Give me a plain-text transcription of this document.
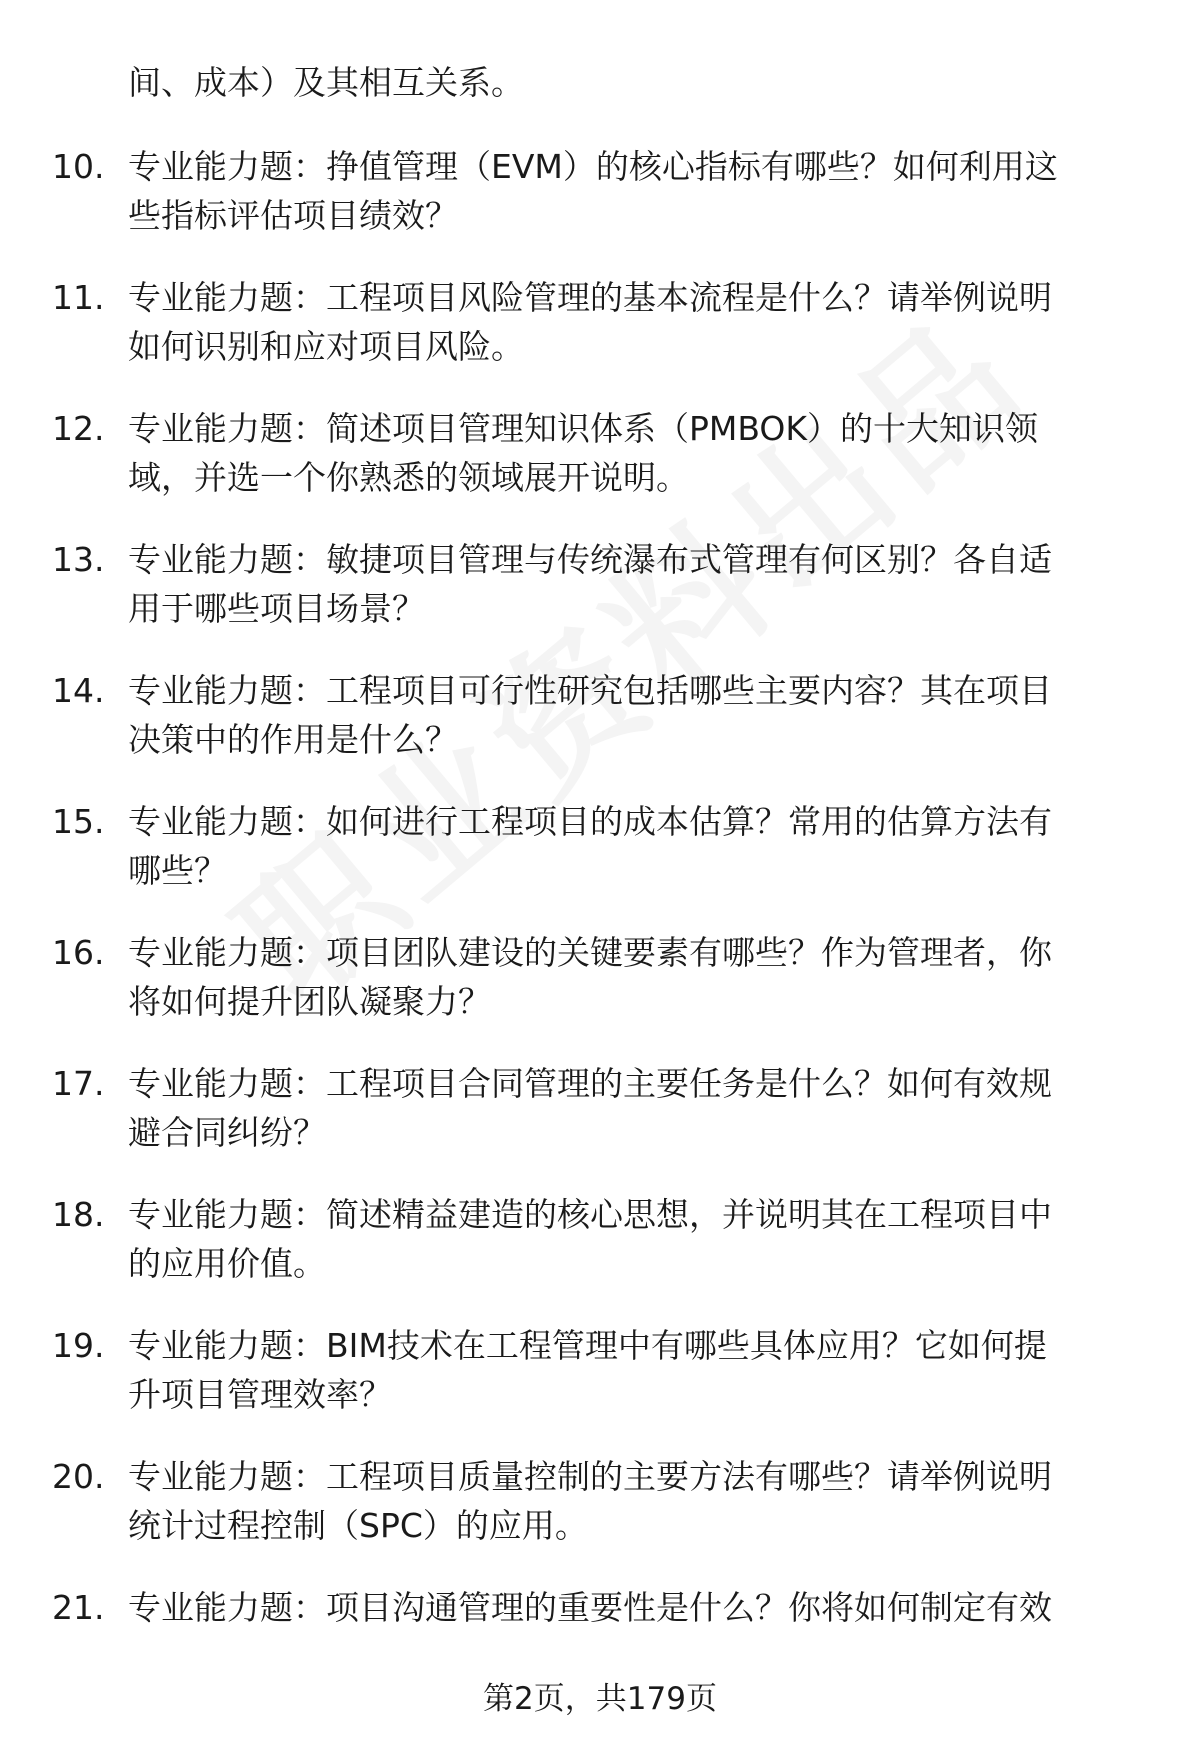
间、成本）及其相互关系。
10. 专业能力题：挣值管理（EVM）的核心指标有哪些？如何利用这
些指标评估项目绩效？
11. 专业能力题：工程项目风险管理的基本流程是什么？请举例说明
如何识别和应对项目风险。
12. 专业能力题：简述项目管理知识体系（PMBOK）的十大知识领
域，并选一个你熟悉的领域展开说明。
13. 专业能力题：敏捷项目管理与传统瀑布式管理有何区别？各自适
用于哪些项目场景？
14. 专业能力题：工程项目可行性研究包括哪些主要内容？其在项目
决策中的作用是什么？
15. 专业能力题：如何进行工程项目的成本估算？常用的估算方法有
哪些？
16. 专业能力题：项目团队建设的关键要素有哪些？作为管理者，你
将如何提升团队凝聚力？
17. 专业能力题：工程项目合同管理的主要任务是什么？如何有效规
避合同纠纷？
18. 专业能力题：简述精益建造的核心思想，并说明其在工程项目中
的应用价值。
19. 专业能力题：BIM技术在工程管理中有哪些具体应用？它如何提
升项目管理效率？
20. 专业能力题：工程项目质量控制的主要方法有哪些？请举例说明
统计过程控制（SPC）的应用。
21. 专业能力题：项目沟通管理的重要性是什么？你将如何制定有效
第2页，共179页
